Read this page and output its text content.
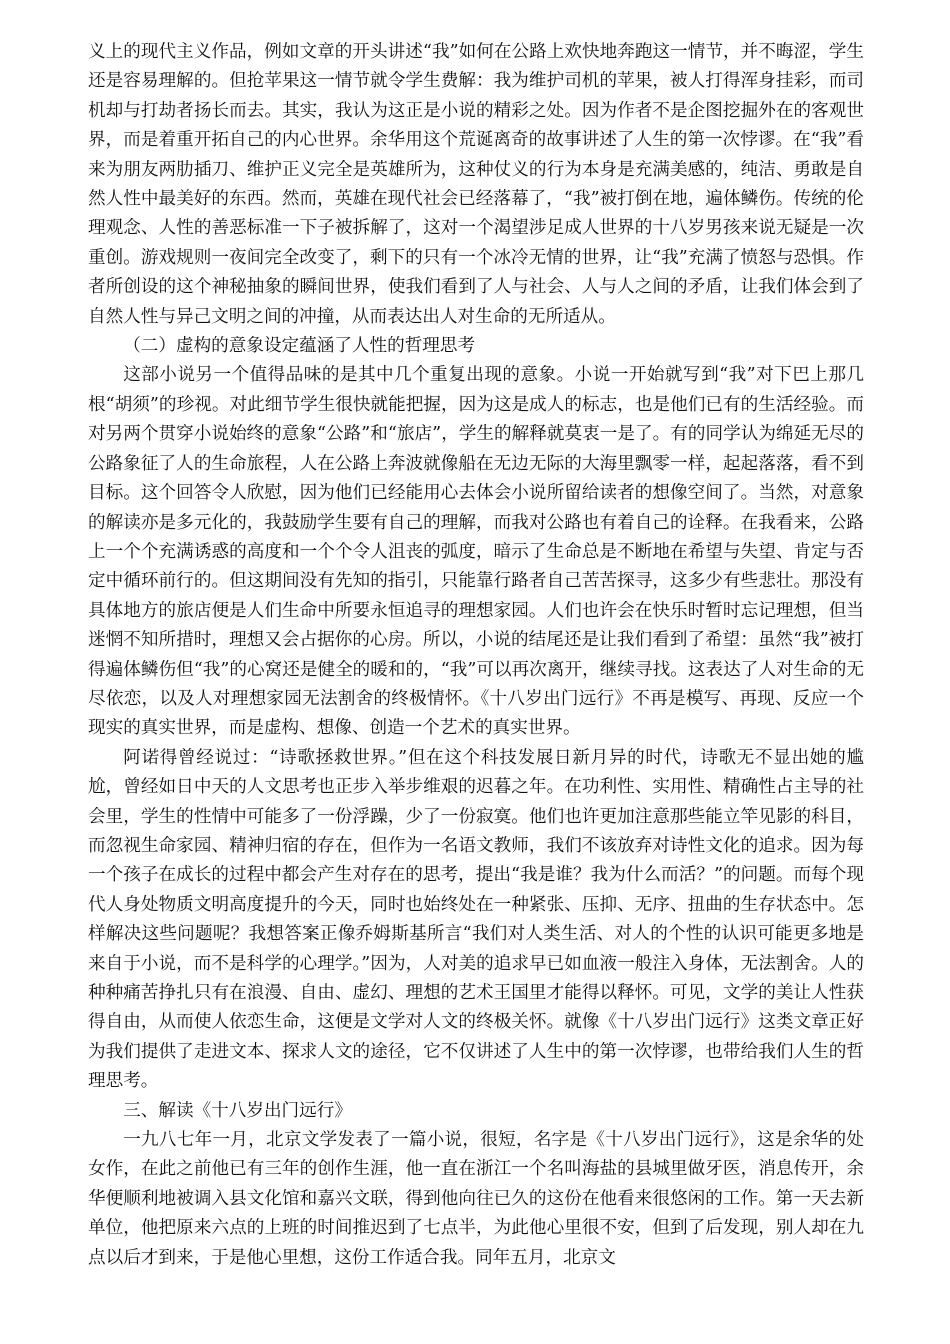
义上的现代主义作品，例如文章的开头讲述“我”如何在公路上欢快地奔跑这一情节，并不晦涩，学生还是容易理解的。但抢苹果这一情节就令学生费解：我为维护司机的苹果，被人打得浑身挂彩，而司机却与打劫者扬长而去。其实，我认为这正是小说的精彩之处。因为作者不是企图挖掘外在的客观世界，而是着重开拓自己的内心世界。余华用这个荒诞离奇的故事讲述了人生的第一次悖谬。在“我”看来为朋友两肋插刀、维护正义完全是英雄所为，这种仗义的行为本身是充满美感的，纯洁、勇敢是自然人性中最美好的东西。然而，英雄在现代社会已经落幕了，“我”被打倒在地，遍体鳞伤。传统的伦理观念、人性的善恶标准一下子被拆解了，这对一个渴望涉足成人世界的十八岁男孩来说无疑是一次重创。游戏规则一夜间完全改变了，剩下的只有一个冰冷无情的世界，让“我”充满了愤怒与恐惧。作者所创设的这个神秘抽象的瞬间世界，使我们看到了人与社会、人与人之间的矛盾，让我们体会到了自然人性与异己文明之间的冲撞，从而表达出人对生命的无所适从。

（二）虚构的意象设定蕴涵了人性的哲理思考

这部小说另一个值得品味的是其中几个重复出现的意象。小说一开始就写到“我”对下巴上那几根“胡须”的珍视。对此细节学生很快就能把握，因为这是成人的标志，也是他们已有的生活经验。而对另两个贯穿小说始终的意象“公路”和“旅店”，学生的解释就莫衷一是了。有的同学认为绵延无尽的公路象征了人的生命旅程，人在公路上奔波就像船在无边无际的大海里飘零一样，起起落落，看不到目标。这个回答令人欣慰，因为他们已经能用心去体会小说所留给读者的想像空间了。当然，对意象的解读亦是多元化的，我鼓励学生要有自己的理解，而我对公路也有着自己的诠释。在我看来，公路上一个个充满诱惑的高度和一个个令人沮丧的弧度，暗示了生命总是不断地在希望与失望、肯定与否定中循环前行的。但这期间没有先知的指引，只能靠行路者自己苦苦探寻，这多少有些悲壮。那没有具体地方的旅店便是人们生命中所要永恒追寻的理想家园。人们也许会在快乐时暂时忘记理想，但当迷惘不知所措时，理想又会占据你的心房。所以，小说的结尾还是让我们看到了希望：虽然“我”被打得遍体鳞伤但“我”的心窝还是健全的暖和的，“我”可以再次离开，继续寻找。这表达了人对生命的无尽依恋，以及人对理想家园无法割舍的终极情怀。《十八岁出门远行》不再是模写、再现、反应一个现实的真实世界，而是虚构、想像、创造一个艺术的真实世界。

阿诺得曾经说过：“诗歌拯救世界。”但在这个科技发展日新月异的时代，诗歌无不显出她的尴尬，曾经如日中天的人文思考也正步入举步维艰的迟暮之年。在功利性、实用性、精确性占主导的社会里，学生的性情中可能多了一份浮躁，少了一份寂寞。他们也许更加注意那些能立竿见影的科目，而忽视生命家园、精神归宿的存在，但作为一名语文教师，我们不该放弃对诗性文化的追求。因为每一个孩子在成长的过程中都会产生对存在的思考，提出“我是谁？我为什么而活？”的问题。而每个现代人身处物质文明高度提升的今天，同时也始终处在一种紧张、压抑、无序、扭曲的生存状态中。怎样解决这些问题呢？我想答案正像乔姆斯基所言“我们对人类生活、对人的个性的认识可能更多地是来自于小说，而不是科学的心理学。”因为，人对美的追求早已如血液一般注入身体，无法割舍。人的种种痛苦挣扎只有在浪漫、自由、虚幻、理想的艺术王国里才能得以释怀。可见，文学的美让人性获得自由，从而使人依恋生命，这便是文学对人文的终极关怀。就像《十八岁出门远行》这类文章正好为我们提供了走进文本、探求人文的途径，它不仅讲述了人生中的第一次悖谬，也带给我们人生的哲理思考。

三、解读《十八岁出门远行》

一九八七年一月，北京文学发表了一篇小说，很短，名字是《十八岁出门远行》，这是余华的处女作，在此之前他已有三年的创作生涯，他一直在浙江一个名叫海盐的县城里做牙医，消息传开，余华便顺利地被调入县文化馆和嘉兴文联，得到他向往已久的这份在他看来很悠闲的工作。第一天去新单位，他把原来六点的上班的时间推迟到了七点半，为此他心里很不安，但到了后发现，别人却在九点以后才到来，于是他心里想，这份工作适合我。同年五月，北京文
